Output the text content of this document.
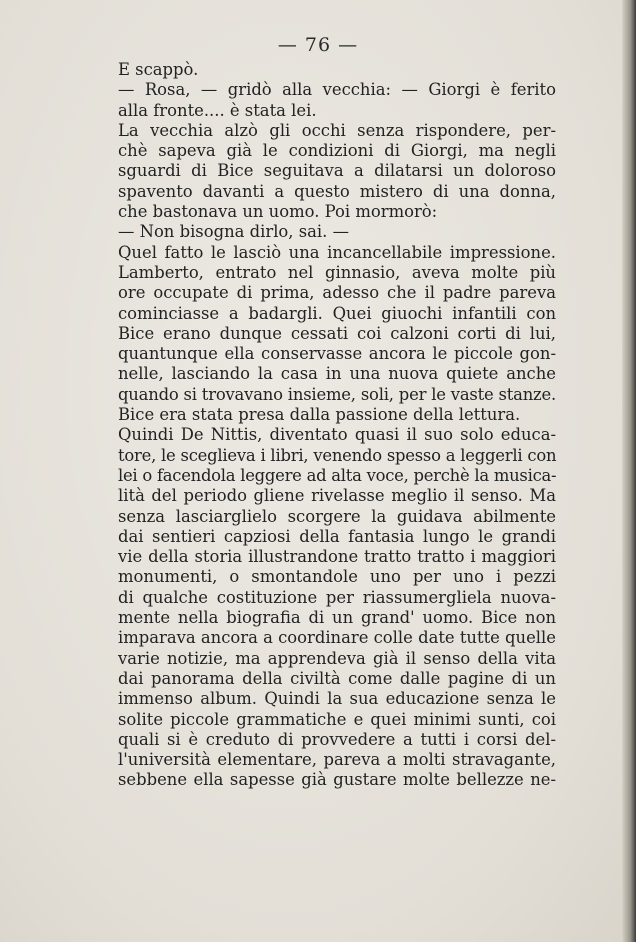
— 76 —
E scappò.
— Rosa, — gridò alla vecchia: — Giorgi è ferito
alla fronte.... è stata lei.
La vecchia alzò gli occhi senza rispondere, per-
chè sapeva già le condizioni di Giorgi, ma negli
sguardi di Bice seguitava a dilatarsi un doloroso
spavento davanti a questo mistero di una donna,
che bastonava un uomo. Poi mormorò:
— Non bisogna dirlo, sai. —
Quel fatto le lasciò una incancellabile impressione.
Lamberto, entrato nel ginnasio, aveva molte più
ore occupate di prima, adesso che il padre pareva
cominciasse a badargli. Quei giuochi infantili con
Bice erano dunque cessati coi calzoni corti di lui,
quantunque ella conservasse ancora le piccole gon-
nelle, lasciando la casa in una nuova quiete anche
quando si trovavano insieme, soli, per le vaste stanze.
Bice era stata presa dalla passione della lettura.
Quindi De Nittis, diventato quasi il suo solo educa-
tore, le sceglieva i libri, venendo spesso a leggerli con
lei o facendola leggere ad alta voce, perchè la musica-
lità del periodo gliene rivelasse meglio il senso. Ma
senza lasciarglielo scorgere la guidava abilmente
dai sentieri capziosi della fantasia lungo le grandi
vie della storia illustrandone tratto tratto i maggiori
monumenti, o smontandole uno per uno i pezzi
di qualche costituzione per riassumergliela nuova-
mente nella biografia di un grand' uomo. Bice non
imparava ancora a coordinare colle date tutte quelle
varie notizie, ma apprendeva già il senso della vita
dai panorama della civiltà come dalle pagine di un
immenso album. Quindi la sua educazione senza le
solite piccole grammatiche e quei minimi sunti, coi
quali si è creduto di provvedere a tutti i corsi del-
l'università elementare, pareva a molti stravagante,
sebbene ella sapesse già gustare molte bellezze ne-
